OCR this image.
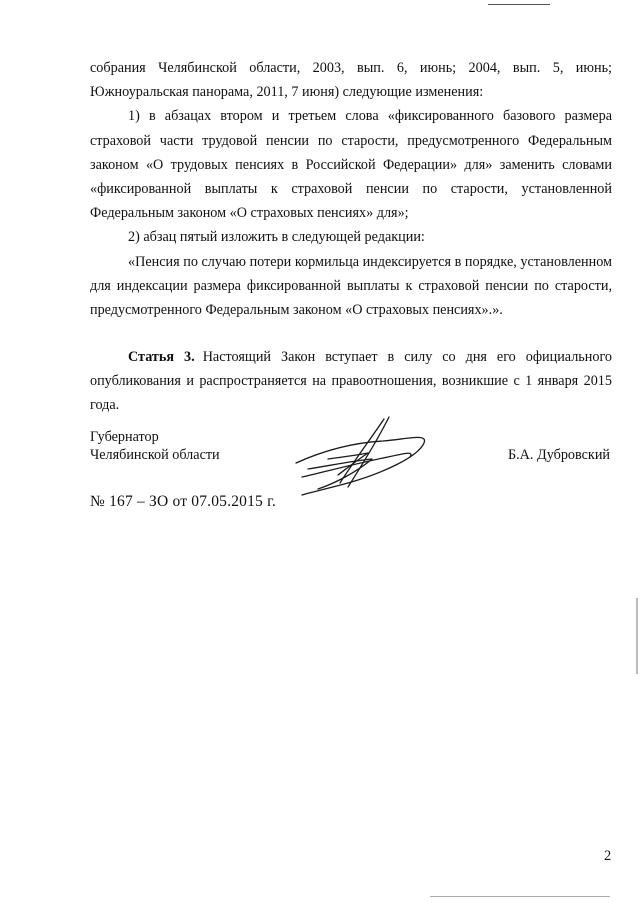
собрания Челябинской области, 2003, вып. 6, июнь; 2004, вып. 5, июнь; Южноуральская панорама, 2011, 7 июня) следующие изменения:

1) в абзацах втором и третьем слова «фиксированного базового размера страховой части трудовой пенсии по старости, предусмотренного Федеральным законом «О трудовых пенсиях в Российской Федерации» для» заменить словами «фиксированной выплаты к страховой пенсии по старости, установленной Федеральным законом «О страховых пенсиях» для»;

2) абзац пятый изложить в следующей редакции:

«Пенсия по случаю потери кормильца индексируется в порядке, установленном для индексации размера фиксированной выплаты к страховой пенсии по старости, предусмотренного Федеральным законом «О страховых пенсиях».».

Статья 3. Настоящий Закон вступает в силу со дня его официального опубликования и распространяется на правоотношения, возникшие с 1 января 2015 года.

Губернатор
Челябинской области	Б.А. Дубровский
№ 167 – ЗО от 07.05.2015 г.
2
